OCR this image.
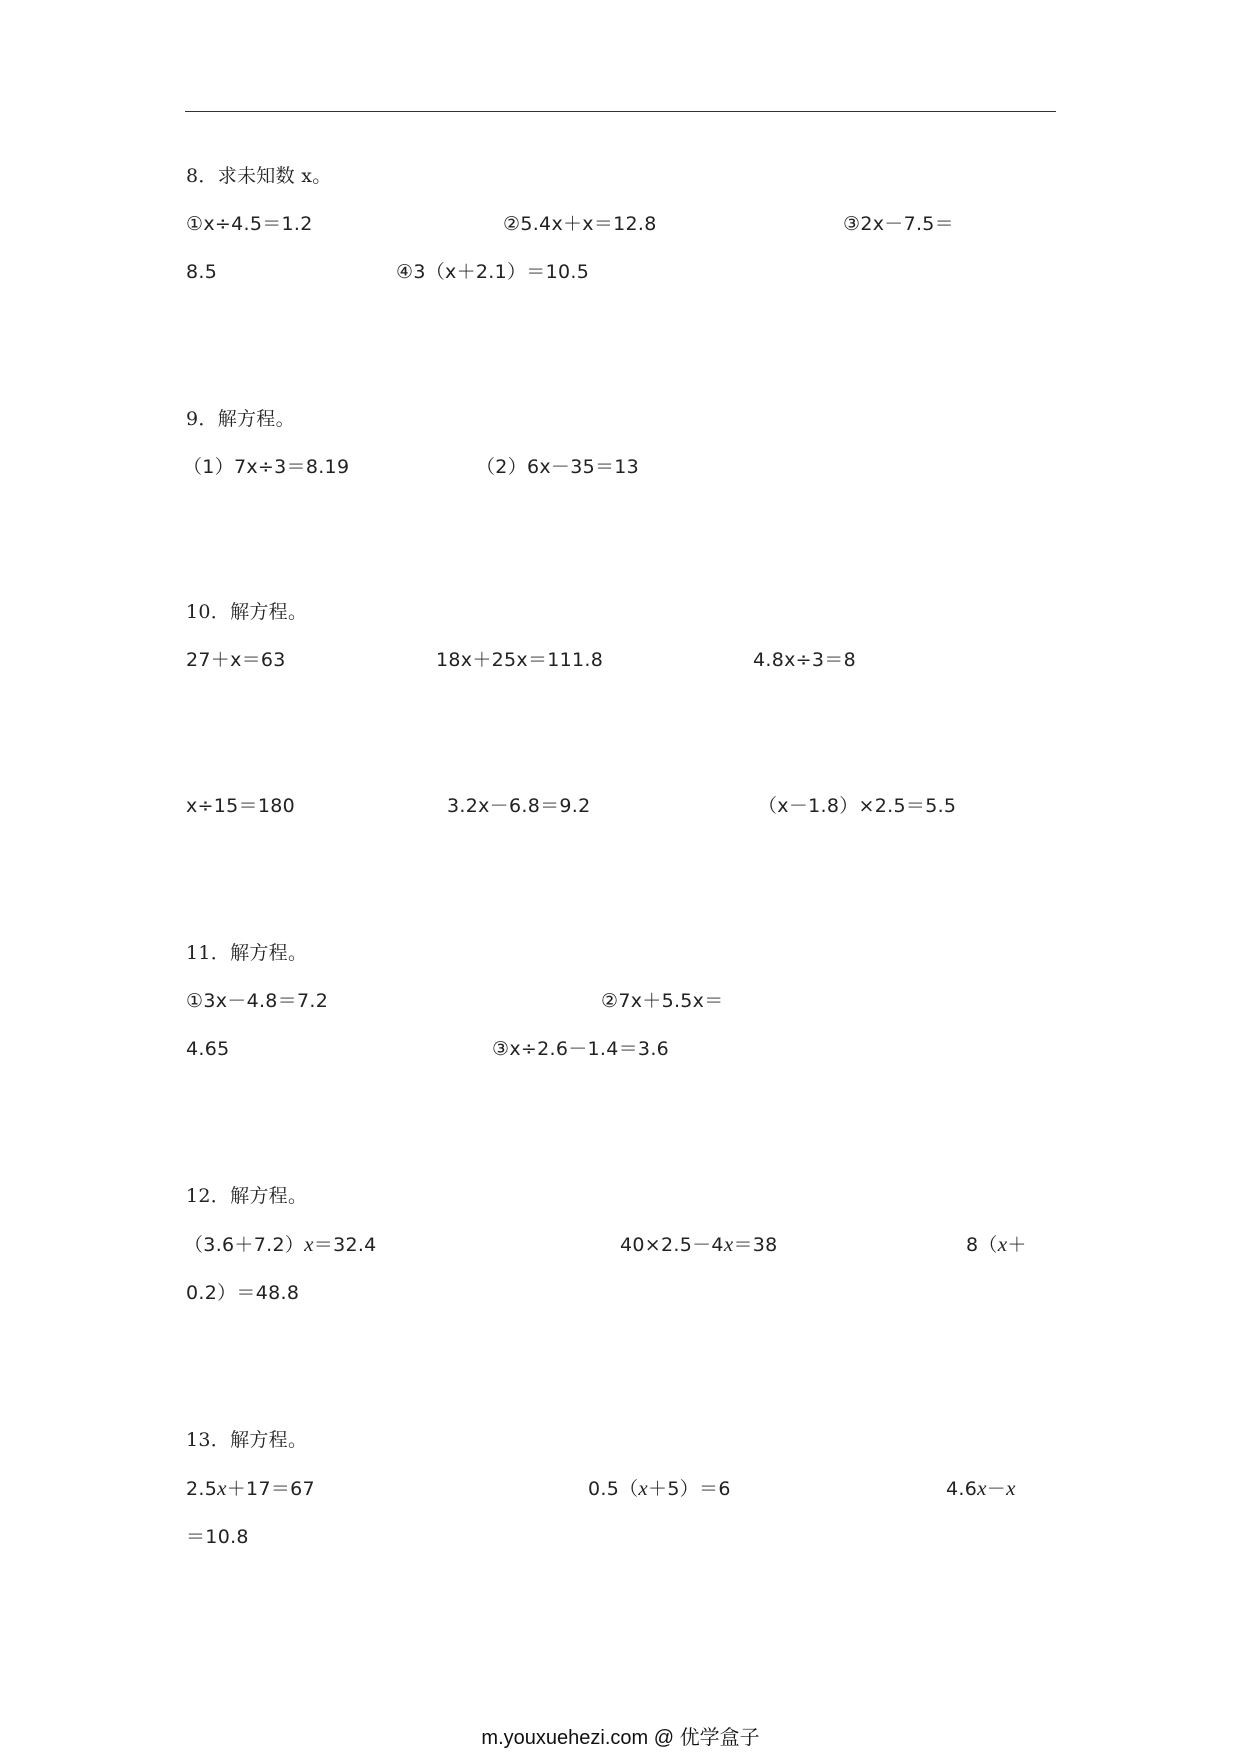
8．求未知数 x。
①x÷4.5＝1.2	②5.4x＋x＝12.8	③2x－7.5＝
8.5	④3（x＋2.1）＝10.5
9．解方程。
（1）7x÷3＝8.19	（2）6x－35＝13
10．解方程。
27＋x＝63	18x＋25x＝111.8	4.8x÷3＝8
x÷15＝180	3.2x－6.8＝9.2	（x－1.8）×2.5＝5.5
11．解方程。
①3x－4.8＝7.2	②7x＋5.5x＝
4.65	③x÷2.6－1.4＝3.6
12．解方程。
（3.6＋7.2）x＝32.4	40×2.5－4x＝38	8（x＋
0.2）＝48.8
13．解方程。
2.5x＋17＝67	0.5（x＋5）＝6	4.6x－x
＝10.8
m.youxuehezi.com @ 优学盒子
